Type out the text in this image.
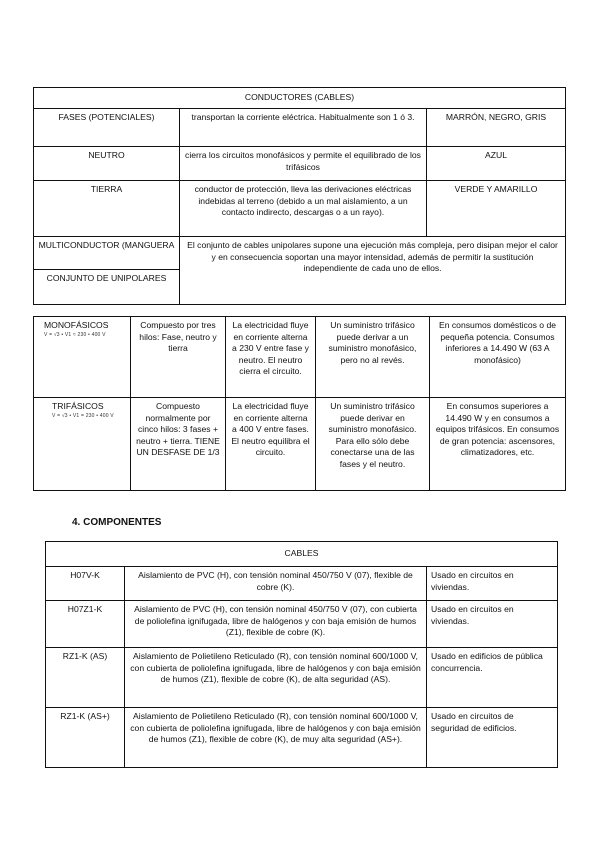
CONDUCTORES (CABLES)		
FASES (POTENCIALES)	transportan la corriente eléctrica. Habitualmente son 1 ó 3.	MARRÓN, NEGRO, GRIS
NEUTRO	cierra los circuitos monofásicos y permite el equilibrado de los trifásicos	AZUL
TIERRA	conductor de protección, lleva las derivaciones eléctricas indebidas al terreno (debido a un mal aislamiento, a un contacto indirecto, descargas o a un rayo).	VERDE Y AMARILLO
MULTICONDUCTOR (MANGUERA	El conjunto de cables unipolares supone una ejecución más compleja, pero disipan mejor el calor y en consecuencia soportan una mayor intensidad, además de permitir la sustitución independiente de cada uno de ellos.	
CONJUNTO DE UNIPOLARES		
MONOFÁSICOS
V = √3 • V1 ≈ 230 • 400 V	Compuesto por tres hilos: Fase, neutro y tierra	La electricidad fluye en corriente alterna a 230 V entre fase y neutro. El neutro cierra el circuito.	Un suministro trifásico puede derivar a un suministro monofásico, pero no al revés.	En consumos domésticos o de pequeña potencia. Consumos inferiores a 14.490 W (63 A monofásico)
TRIFÁSICOS
V = √3 • V1 = 230 • 400 V	Compuesto normalmente por cinco hilos: 3 fases + neutro + tierra. TIENE UN DESFASE DE 1/3	La electricidad fluye en corriente alterna a 400 V entre fases. El neutro equilibra el circuito.	Un suministro trifásico puede derivar en suministro monofásico. Para ello sólo debe conectarse una de las fases y el neutro.	En consumos superiores a 14.490 W y en consumos a equipos trifásicos. En consumos de gran potencia: ascensores, climatizadores, etc.
4. COMPONENTES
CABLES		
H07V-K	Aislamiento de PVC (H), con tensión nominal 450/750 V (07), flexible de cobre (K).	Usado en circuitos en viviendas.
H07Z1-K	Aislamiento de PVC (H), con tensión nominal 450/750 V (07), con cubierta de poliolefina ignifugada, libre de halógenos y con baja emisión de humos (Z1), flexible de cobre (K).	Usado en circuitos en viviendas.
RZ1-K (AS)	Aislamiento de Polietileno Reticulado (R), con tensión nominal 600/1000 V, con cubierta de poliolefina ignifugada, libre de halógenos y con baja emisión de humos (Z1), flexible de cobre (K), de alta seguridad (AS).	Usado en edificios de pública concurrencia.
RZ1-K (AS+)	Aislamiento de Polietileno Reticulado (R), con tensión nominal 600/1000 V, con cubierta de poliolefina ignifugada, libre de halógenos y con baja emisión de humos (Z1), flexible de cobre (K), de muy alta seguridad (AS+).	Usado en circuitos de seguridad de edificios.
